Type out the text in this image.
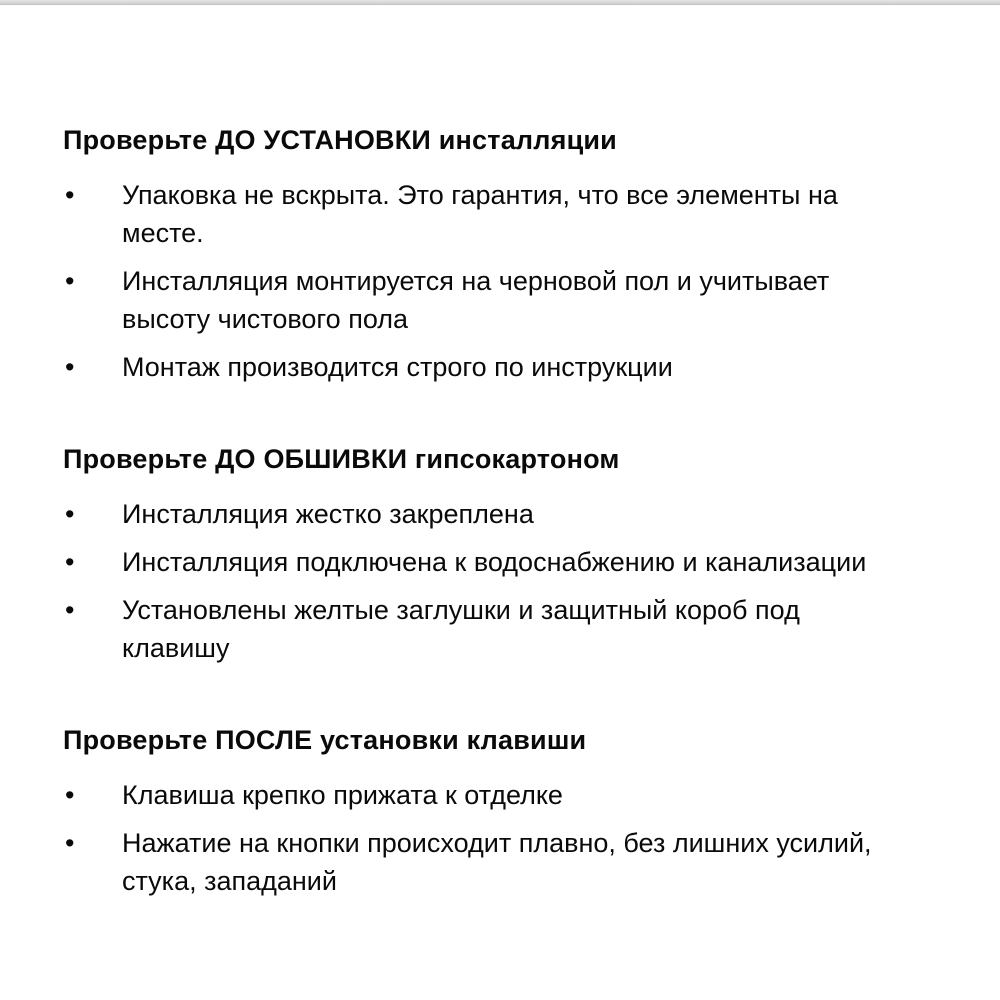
Проверьте ДО УСТАНОВКИ инсталляции
•	Упаковка не вскрыта. Это гарантия, что все элементы на месте.
•	Инсталляция монтируется на черновой пол и учитывает высоту чистового пола
•	Монтаж производится строго по инструкции
Проверьте ДО ОБШИВКИ гипсокартоном
•	Инсталляция жестко закреплена
•	Инсталляция подключена к водоснабжению и канализации
•	Установлены желтые заглушки и защитный короб под клавишу
Проверьте ПОСЛЕ установки клавиши
•	Клавиша крепко прижата к отделке
•	Нажатие на кнопки происходит плавно, без лишних усилий, стука, западаний
